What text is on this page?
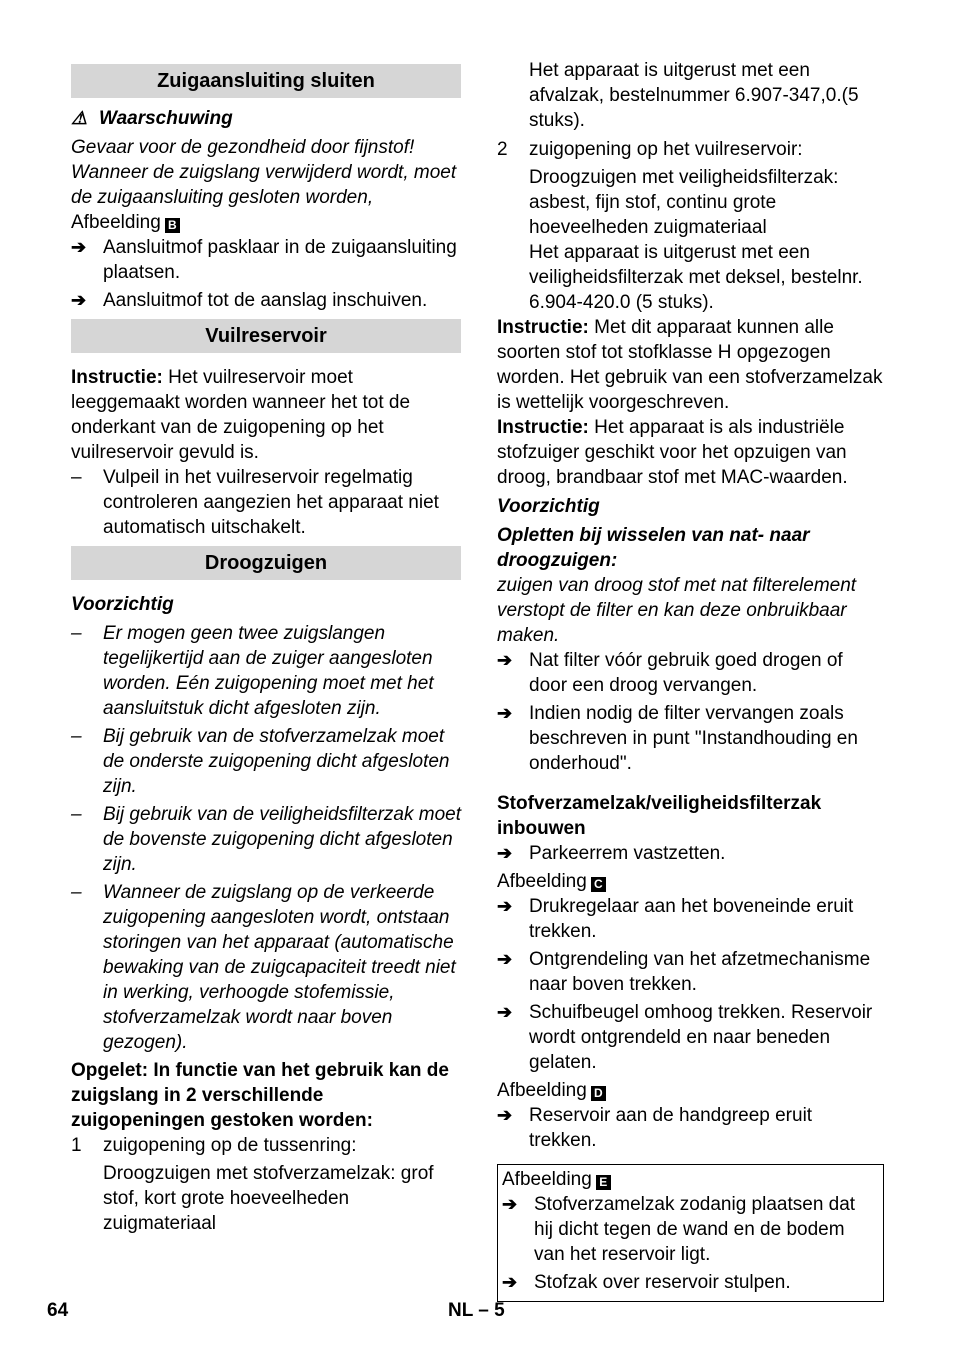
Zuigaansluiting sluiten

⚠ Waarschuwing

Gevaar voor de gezondheid door fijnstof! Wanneer de zuigslang verwijderd wordt, moet de zuigaansluiting gesloten worden,

Afbeelding B

➔ Aansluitmof pasklaar in de zuigaansluiting plaatsen.
➔ Aansluitmof tot de aanslag inschuiven.
Vuilreservoir

Instructie: Het vuilreservoir moet leeggemaakt worden wanneer het tot de onderkant van de zuigopening op het vuilreservoir gevuld is.

–	Vulpeil in het vuilreservoir regelmatig controleren aangezien het apparaat niet automatisch uitschakelt.
Droogzuigen

Voorzichtig

–	Er mogen geen twee zuigslangen tegelijkertijd aan de zuiger aangesloten worden. Eén zuigopening moet met het aansluitstuk dicht afgesloten zijn.
–	Bij gebruik van de stofverzamelzak moet de onderste zuigopening dicht afgesloten zijn.
–	Bij gebruik van de veiligheidsfilterzak moet de bovenste zuigopening dicht afgesloten zijn.
–	Wanneer de zuigslang op de verkeerde zuigopening aangesloten wordt, ontstaan storingen van het apparaat (automatische bewaking van de zuigcapaciteit treedt niet in werking, verhoogde stofemissie, stofverzamelzak wordt naar boven gezogen).

Opgelet: In functie van het gebruik kan de zuigslang in 2 verschillende zuigopeningen gestoken worden:

1	zuigopening op de tussenring:

Droogzuigen met stofverzamelzak: grof stof, kort grote hoeveelheden zuigmateriaal

Het apparaat is uitgerust met een afvalzak, bestelnummer 6.907-347,0.(5 stuks).

2	zuigopening op het vuilreservoir:

Droogzuigen met veiligheidsfilterzak: asbest, fijn stof, continu grote hoeveelheden zuigmateriaal

Het apparaat is uitgerust met een veiligheidsfilterzak met deksel, bestelnr. 6.904-420.0 (5 stuks).

Instructie: Met dit apparaat kunnen alle soorten stof tot stofklasse H opgezogen worden. Het gebruik van een stofverzamelzak is wettelijk voorgeschreven.

Instructie: Het apparaat is als industriële stofzuiger geschikt voor het opzuigen van droog, brandbaar stof met MAC-waarden.

Voorzichtig

Opletten bij wisselen van nat- naar droogzuigen:

zuigen van droog stof met nat filterelement verstopt de filter en kan deze onbruikbaar maken.

➔ Nat filter vóór gebruik goed drogen of door een droog vervangen.
➔ Indien nodig de filter vervangen zoals beschreven in punt "Instandhouding en onderhoud".

Stofverzamelzak/veiligheidsfilterzak inbouwen

➔ Parkeerrem vastzetten.

Afbeelding C

➔ Drukregelaar aan het boveneinde eruit trekken.
➔ Ontgrendeling van het afzetmechanisme naar boven trekken.
➔ Schuifbeugel omhoog trekken. Reservoir wordt ontgrendeld en naar beneden gelaten.

Afbeelding D

➔ Reservoir aan de handgreep eruit trekken.

Afbeelding E

➔ Stofverzamelzak zodanig plaatsen dat hij dicht tegen de wand en de bodem van het reservoir ligt.
➔ Stofzak over reservoir stulpen.
64	NL – 5
